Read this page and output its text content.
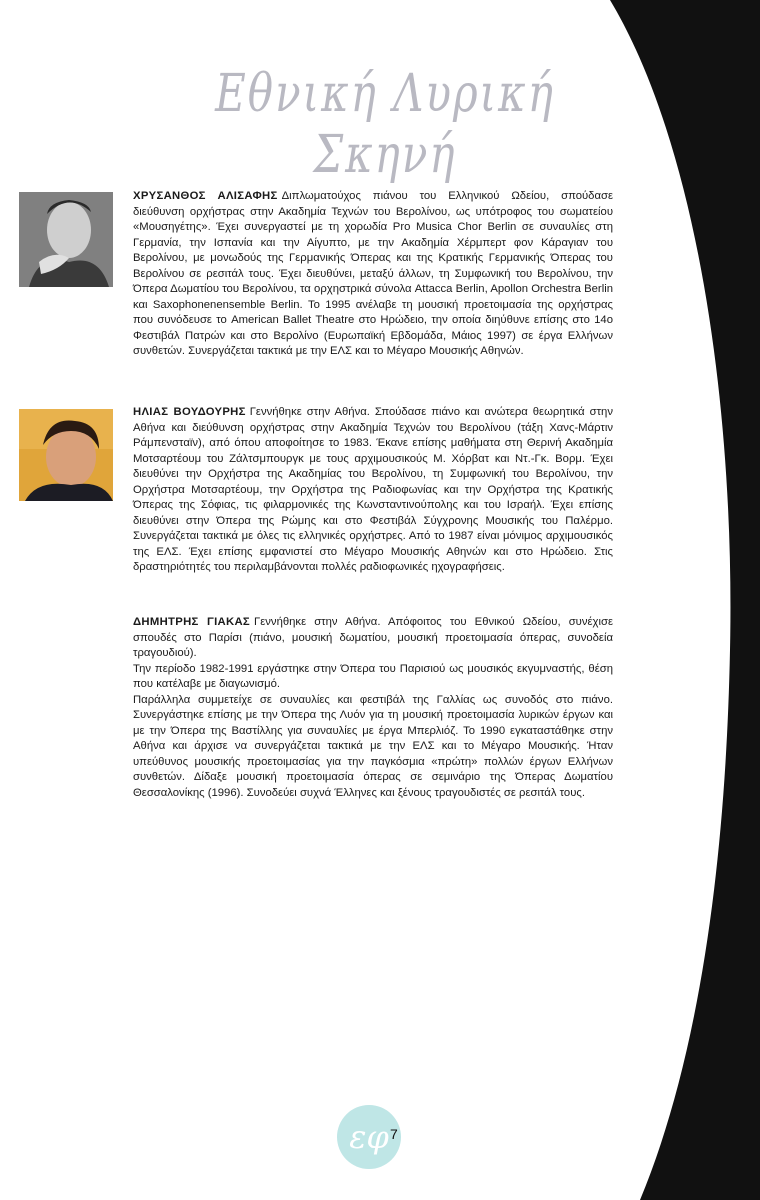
Εθνική Λυρική Σκηνή

ΧΡΥΣΑΝΘΟΣ ΑΛΙΣΑΦΗΣ Διπλωματούχος πιάνου του Ελληνικού Ωδείου, σπούδασε διεύθυνση ορχήστρας στην Ακαδημία Τεχνών του Βερολίνου, ως υπότροφος του σωματείου «Μουσηγέτης». Έχει συνεργαστεί με τη χορωδία Pro Musica Chor Berlin σε συναυλίες στη Γερμανία, την Ισπανία και την Αίγυπτο, με την Ακαδημία Χέρμπερτ φον Κάραγιαν του Βερολίνου, με μονωδούς της Γερμανικής Όπερας και της Κρατικής Γερμανικής Όπερας του Βερολίνου σε ρεσιτάλ τους. Έχει διευθύνει, μεταξύ άλλων, τη Συμφωνική του Βερολίνου, την Όπερα Δωματίου του Βερολίνου, τα ορχηστρικά σύνολα Attacca Berlin, Apollon Orchestra Berlin και Saxophonenensemble Berlin. Το 1995 ανέλαβε τη μουσική προετοιμασία της ορχήστρας που συνόδευσε το American Ballet Theatre στο Ηρώδειο, την οποία διηύθυνε επίσης στο 14ο Φεστιβάλ Πατρών και στο Βερολίνο (Ευρωπαϊκή Εβδομάδα, Μάιος 1997) σε έργα Ελλήνων συνθετών. Συνεργάζεται τακτικά με την ΕΛΣ και το Μέγαρο Μουσικής Αθηνών.

ΗΛΙΑΣ ΒΟΥΔΟΥΡΗΣ Γεννήθηκε στην Αθήνα. Σπούδασε πιάνο και ανώτερα θεωρητικά στην Αθήνα και διεύθυνση ορχήστρας στην Ακαδημία Τεχνών του Βερολίνου (τάξη Χανς-Μάρτιν Ράμπενσταϊν), από όπου αποφοίτησε το 1983. Έκανε επίσης μαθήματα στη Θερινή Ακαδημία Μοτσαρτέουμ του Ζάλτσμπουργκ με τους αρχιμουσικούς Μ. Χόρβατ και Ντ.-Γκ. Βορμ. Έχει διευθύνει την Ορχήστρα της Ακαδημίας του Βερολίνου, τη Συμφωνική του Βερολίνου, την Ορχήστρα Μοτσαρτέουμ, την Ορχήστρα της Ραδιοφωνίας και την Ορχήστρα της Κρατικής Όπερας της Σόφιας, τις φιλαρμονικές της Κωνσταντινούπολης και του Ισραήλ. Έχει επίσης διευθύνει στην Όπερα της Ρώμης και στο Φεστιβάλ Σύγχρονης Μουσικής του Παλέρμο. Συνεργάζεται τακτικά με όλες τις ελληνικές ορχήστρες. Από το 1987 είναι μόνιμος αρχιμουσικός της ΕΛΣ. Έχει επίσης εμφανιστεί στο Μέγαρο Μουσικής Αθηνών και στο Ηρώδειο. Στις δραστηριότητές του περιλαμβάνονται πολλές ραδιοφωνικές ηχογραφήσεις.

ΔΗΜΗΤΡΗΣ ΓΙΑΚΑΣ Γεννήθηκε στην Αθήνα. Απόφοιτος του Εθνικού Ωδείου, συνέχισε σπουδές στο Παρίσι (πιάνο, μουσική δωματίου, μουσική προετοιμασία όπερας, συνοδεία τραγουδιού).

Την περίοδο 1982-1991 εργάστηκε στην Όπερα του Παρισιού ως μουσικός εκγυμναστής, θέση που κατέλαβε με διαγωνισμό.

Παράλληλα συμμετείχε σε συναυλίες και φεστιβάλ της Γαλλίας ως συνοδός στο πιάνο. Συνεργάστηκε επίσης με την Όπερα της Λυόν για τη μουσική προετοιμασία λυρικών έργων και με την Όπερα της Βαστίλλης για συναυλίες με έργα Μπερλιόζ. Το 1990 εγκαταστάθηκε στην Αθήνα και άρχισε να συνεργάζεται τακτικά με την ΕΛΣ και το Μέγαρο Μουσικής. Ήταν υπεύθυνος μουσικής προετοιμασίας για την παγκόσμια «πρώτη» πολλών έργων Ελλήνων συνθετών. Δίδαξε μουσική προετοιμασία όπερας σε σεμινάριο της Όπερας Δωματίου Θεσσαλονίκης (1996). Συνοδεύει συχνά Έλληνες και ξένους τραγουδιστές σε ρεσιτάλ τους.

εφ 7
